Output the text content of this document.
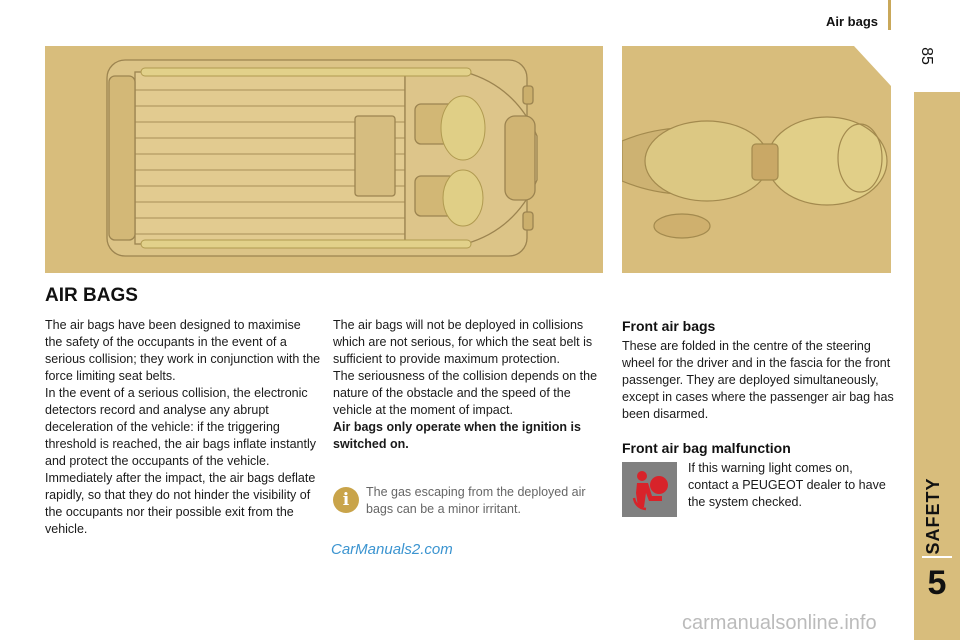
Air bags
85
SAFETY
5
AIR BAGS

The air bags have been designed to maximise the safety of the occupants in the event of a serious collision; they work in conjunction with the force limiting seat belts.

In the event of a serious collision, the electronic detectors record and analyse any abrupt deceleration of the vehicle: if the triggering threshold is reached, the air bags inflate instantly and protect the occupants of the vehicle.

Immediately after the impact, the air bags deflate rapidly, so that they do not hinder the visibility of the occupants nor their possible exit from the vehicle.

The air bags will not be deployed in collisions which are not serious, for which the seat belt is sufficient to provide maximum protection.

The seriousness of the collision depends on the nature of the obstacle and the speed of the vehicle at the moment of impact.

Air bags only operate when the ignition is switched on.

i	The gas escaping from the deployed air bags can be a minor irritant.
CarManuals2.com
Front air bags
These are folded in the centre of the steering wheel for the driver and in the fascia for the front passenger. They are deployed simultaneously, except in cases where the passenger air bag has been disarmed.
Front air bag malfunction
If this warning light comes on, contact a PEUGEOT dealer to have the system checked.
carmanualsonline.info
